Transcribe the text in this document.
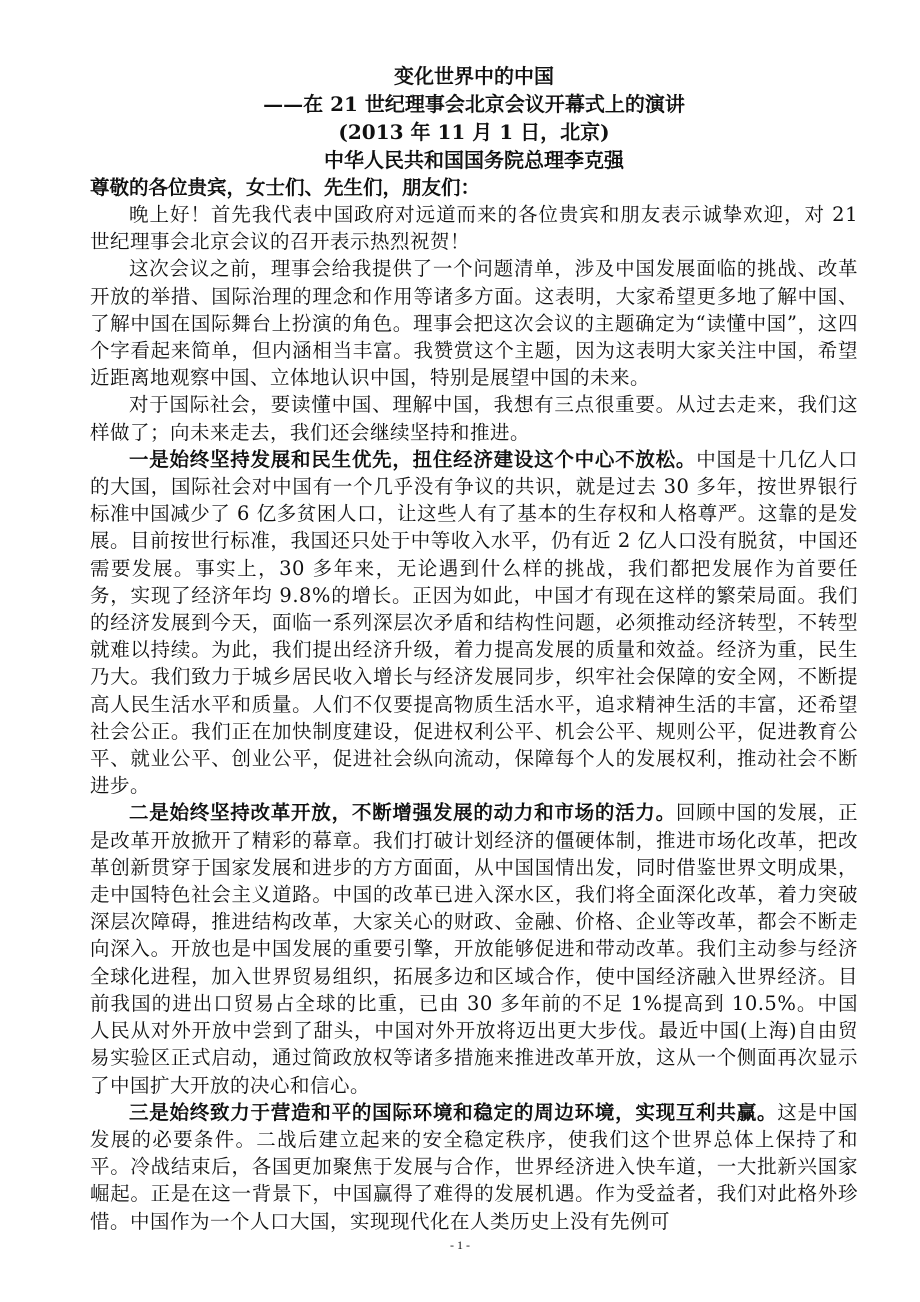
变化世界中的中国
——在 21 世纪理事会北京会议开幕式上的演讲
(2013 年 11 月 1 日，北京)
中华人民共和国国务院总理李克强
尊敬的各位贵宾，女士们、先生们，朋友们：

晚上好！首先我代表中国政府对远道而来的各位贵宾和朋友表示诚挚欢迎，对 21 世纪理事会北京会议的召开表示热烈祝贺！

这次会议之前，理事会给我提供了一个问题清单，涉及中国发展面临的挑战、改革开放的举措、国际治理的理念和作用等诸多方面。这表明，大家希望更多地了解中国、了解中国在国际舞台上扮演的角色。理事会把这次会议的主题确定为“读懂中国”，这四个字看起来简单，但内涵相当丰富。我赞赏这个主题，因为这表明大家关注中国，希望近距离地观察中国、立体地认识中国，特别是展望中国的未来。

对于国际社会，要读懂中国、理解中国，我想有三点很重要。从过去走来，我们这样做了；向未来走去，我们还会继续坚持和推进。

一是始终坚持发展和民生优先，扭住经济建设这个中心不放松。中国是十几亿人口的大国，国际社会对中国有一个几乎没有争议的共识，就是过去 30 多年，按世界银行标准中国减少了 6 亿多贫困人口，让这些人有了基本的生存权和人格尊严。这靠的是发展。目前按世行标准，我国还只处于中等收入水平，仍有近 2 亿人口没有脱贫，中国还需要发展。事实上，30 多年来，无论遇到什么样的挑战，我们都把发展作为首要任务，实现了经济年均 9.8%的增长。正因为如此，中国才有现在这样的繁荣局面。我们的经济发展到今天，面临一系列深层次矛盾和结构性问题，必须推动经济转型，不转型就难以持续。为此，我们提出经济升级，着力提高发展的质量和效益。经济为重，民生乃大。我们致力于城乡居民收入增长与经济发展同步，织牢社会保障的安全网，不断提高人民生活水平和质量。人们不仅要提高物质生活水平，追求精神生活的丰富，还希望社会公正。我们正在加快制度建设，促进权利公平、机会公平、规则公平，促进教育公平、就业公平、创业公平，促进社会纵向流动，保障每个人的发展权利，推动社会不断进步。

二是始终坚持改革开放，不断增强发展的动力和市场的活力。回顾中国的发展，正是改革开放掀开了精彩的幕章。我们打破计划经济的僵硬体制，推进市场化改革，把改革创新贯穿于国家发展和进步的方方面面，从中国国情出发，同时借鉴世界文明成果，走中国特色社会主义道路。中国的改革已进入深水区，我们将全面深化改革，着力突破深层次障碍，推进结构改革，大家关心的财政、金融、价格、企业等改革，都会不断走向深入。开放也是中国发展的重要引擎，开放能够促进和带动改革。我们主动参与经济全球化进程，加入世界贸易组织，拓展多边和区域合作，使中国经济融入世界经济。目前我国的进出口贸易占全球的比重，已由 30 多年前的不足 1%提高到 10.5%。中国人民从对外开放中尝到了甜头，中国对外开放将迈出更大步伐。最近中国(上海)自由贸易实验区正式启动，通过简政放权等诸多措施来推进改革开放，这从一个侧面再次显示了中国扩大开放的决心和信心。

三是始终致力于营造和平的国际环境和稳定的周边环境，实现互利共赢。这是中国发展的必要条件。二战后建立起来的安全稳定秩序，使我们这个世界总体上保持了和平。冷战结束后，各国更加聚焦于发展与合作，世界经济进入快车道，一大批新兴国家崛起。正是在这一背景下，中国赢得了难得的发展机遇。作为受益者，我们对此格外珍惜。中国作为一个人口大国，实现现代化在人类历史上没有先例可

- 1 -
